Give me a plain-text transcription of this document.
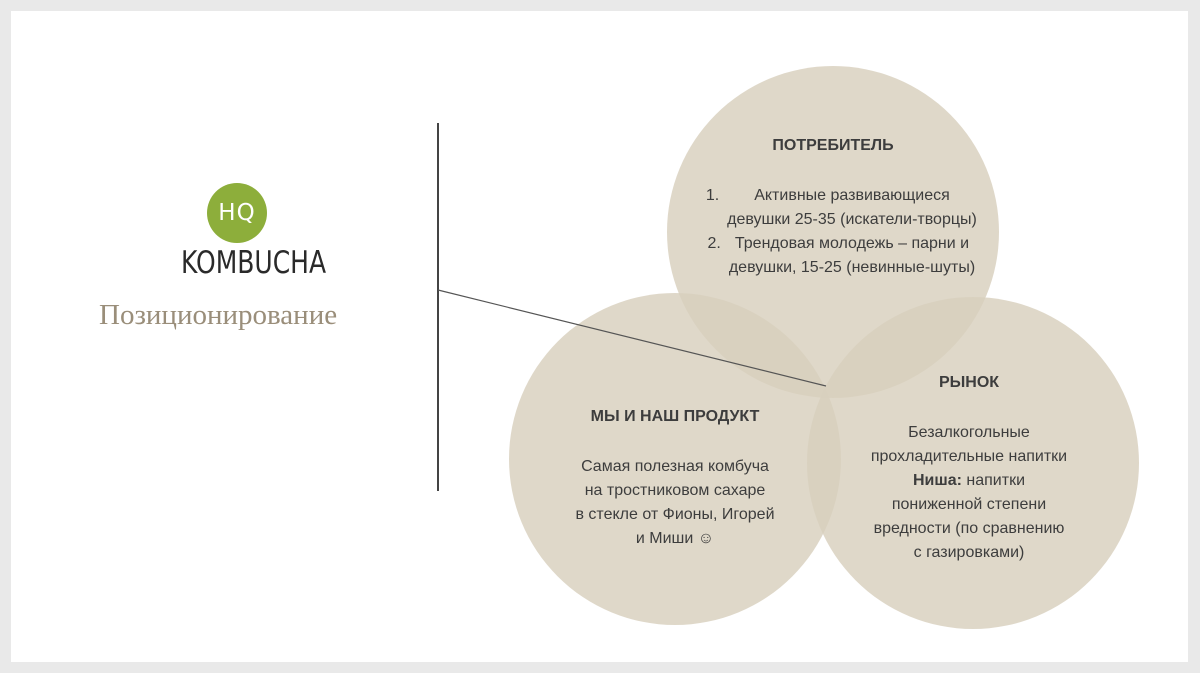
HQ
KOMBUCHA
Позиционирование
ПОТРЕБИТЕЛЬ
1.	Активные развивающиеся
девушки 25-35 (искатели-творцы)
2. Трендовая молодежь – парни и
девушки, 15-25 (невинные-шуты)
МЫ И НАШ ПРОДУКТ
Самая полезная комбуча
на тростниковом сахаре
в стекле от Фионы, Игорей
и Миши ☺
РЫНОК
Безалкогольные
прохладительные напитки
Ниша: напитки
пониженной степени
вредности (по сравнению
с газировками)
